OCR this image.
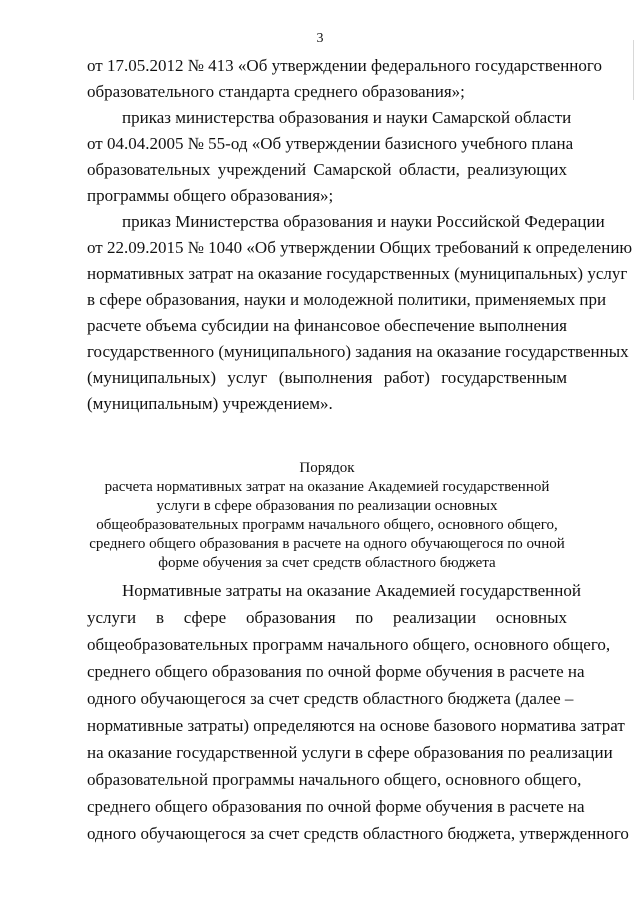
3
от 17.05.2012 № 413 «Об утверждении федерального государственного
образовательного стандарта среднего образования»;
приказ министерства образования и науки Самарской области
от 04.04.2005 № 55-од «Об утверждении базисного учебного плана
образовательных учреждений Самарской области, реализующих
программы общего образования»;
приказ Министерства образования и науки Российской Федерации
от 22.09.2015 № 1040 «Об утверждении Общих требований к определению
нормативных затрат на оказание государственных (муниципальных) услуг
в сфере образования, науки и молодежной политики, применяемых при
расчете объема субсидии на финансовое обеспечение выполнения
государственного (муниципального) задания на оказание государственных
(муниципальных) услуг (выполнения работ) государственным
(муниципальным) учреждением».
Порядок
расчета нормативных затрат на оказание Академией государственной
услуги в сфере образования по реализации основных
общеобразовательных программ начального общего, основного общего,
среднего общего образования в расчете на одного обучающегося по очной
форме обучения за счет средств областного бюджета
Нормативные затраты на оказание Академией государственной
услуги в сфере образования по реализации основных
общеобразовательных программ начального общего, основного общего,
среднего общего образования по очной форме обучения в расчете на
одного обучающегося за счет средств областного бюджета (далее –
нормативные затраты) определяются на основе базового норматива затрат
на оказание государственной услуги в сфере образования по реализации
образовательной программы начального общего, основного общего,
среднего общего образования по очной форме обучения в расчете на
одного обучающегося за счет средств областного бюджета, утвержденного
